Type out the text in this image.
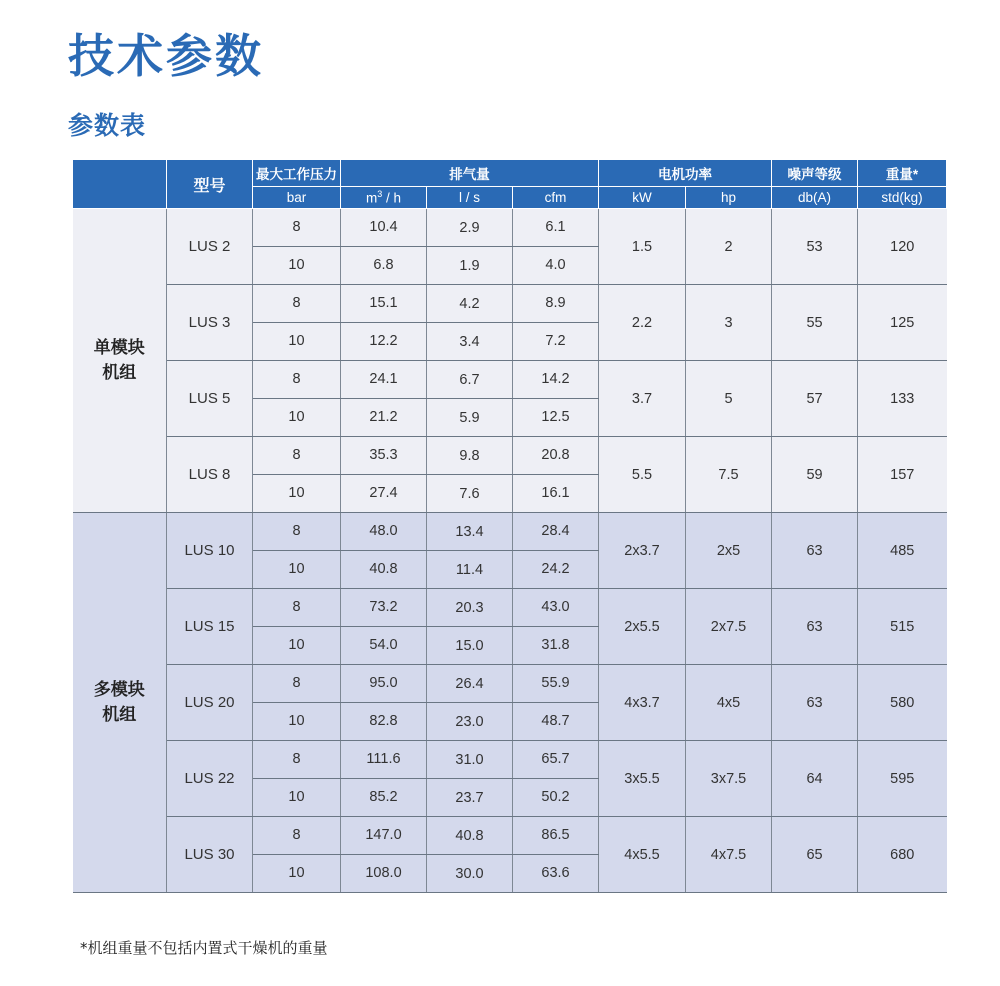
技术参数
参数表
	型号	最大工作压力	排气量			电机功率		噪声等级	重量*
		bar	$m^3$ / h	l / s	cfm	kW	hp	db(A)	std(kg)

单模块
机组	LUS 2	8	10.4	2.9	6.1	1.5	2	53	120
		10	6.8	1.9	4.0				
	LUS 3	8	15.1	4.2	8.9	2.2	3	55	125
		10	12.2	3.4	7.2				
	LUS 5	8	24.1	6.7	14.2	3.7	5	57	133
		10	21.2	5.9	12.5				
	LUS 8	8	35.3	9.8	20.8	5.5	7.5	59	157
		10	27.4	7.6	16.1				

多模块
机组	LUS 10	8	48.0	13.4	28.4	2x3.7	2x5	63	485
		10	40.8	11.4	24.2				
	LUS 15	8	73.2	20.3	43.0	2x5.5	2x7.5	63	515
		10	54.0	15.0	31.8				
	LUS 20	8	95.0	26.4	55.9	4x3.7	4x5	63	580
		10	82.8	23.0	48.7				
	LUS 22	8	111.6	31.0	65.7	3x5.5	3x7.5	64	595
		10	85.2	23.7	50.2				
	LUS 30	8	147.0	40.8	86.5	4x5.5	4x7.5	65	680
		10	108.0	30.0	63.6				

*机组重量不包括内置式干燥机的重量
